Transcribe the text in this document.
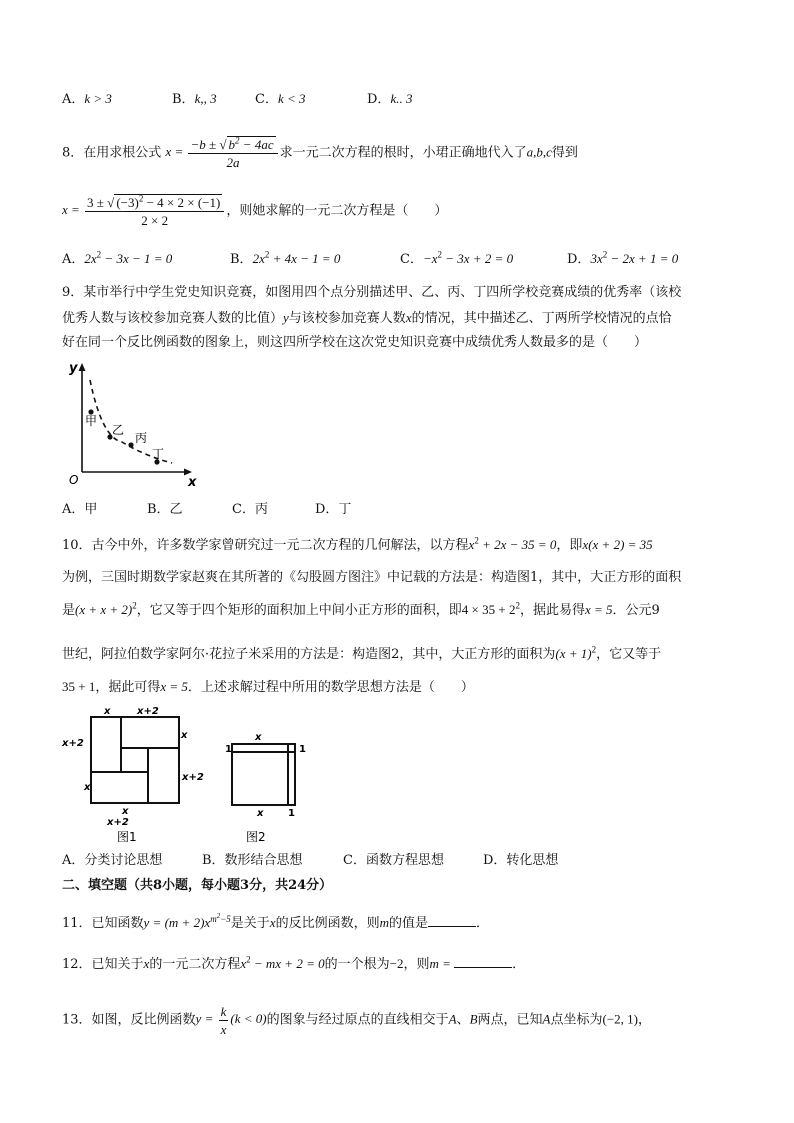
A．k > 3	B．k,, 3	C．k < 3	D．k.. 3
8．在用求根公式 $x = \frac{-b \pm √ b^2 - 4ac}{2a}$ 求一元二次方程的根时，小珺正确地代入了a,b,c得到
$x = \frac{3 \pm √ (-3)^2 - 4 \times 2 \times (-1)}{2 \times 2}$ ，则她求解的一元二次方程是（　　）
A．$2x^2 - 3x - 1 = 0$	B．$2x^2 + 4x - 1 = 0$	C．$-x^2 - 3x + 2 = 0$	D．$3x^2 - 2x + 1 = 0$
9．某市举行中学生党史知识竞赛，如图用四个点分别描述甲、乙、丙、丁四所学校竞赛成绩的优秀率（该校
优秀人数与该校参加竞赛人数的比值）y与该校参加竞赛人数x的情况，其中描述乙、丁两所学校情况的点恰
好在同一个反比例函数的图象上，则这四所学校在这次党史知识竞赛中成绩优秀人数最多的是（　　）
y
x
O
甲
乙
丙
丁
A．甲	B．乙	C．丙	D．丁
10．古今中外，许多数学家曾研究过一元二次方程的几何解法，以方程$x^2 + 2x - 35 = 0$，即x(x + 2) = 35
为例，三国时期数学家赵爽在其所著的《勾股圆方图注》中记载的方法是：构造图1，其中，大正方形的面积
是$(x + x + 2)^2$，它又等于四个矩形的面积加上中间小正方形的面积，即$4 \times 35 + 2^2$，据此易得x = 5．公元9
世纪，阿拉伯数学家阿尔·花拉子米采用的方法是：构造图2，其中，大正方形的面积为$(x + 1)^2$，它又等于
35 + 1，据此可得x = 5．上述求解过程中所用的数学思想方法是（　　）
x	x+2
x+2
x
x
x+2
x
x+2
图1
x
1	1
x 1
图2
A．分类讨论思想	B．数形结合思想	C．函数方程思想	D．转化思想
二、填空题（共8小题，每小题3分，共24分）
11．已知函数$y = (m + 2)x^{m^2-5}$是关于x的反比例函数，则m的值是	．
12．已知关于x的一元二次方程$x^2$ − mx + 2 = 0的一个根为−2，则m =	．
13．如图，反比例函数$y = \frac{k}{x} (k < 0)$的图象与经过原点的直线相交于A、B两点，已知A点坐标为(−2, 1)，
